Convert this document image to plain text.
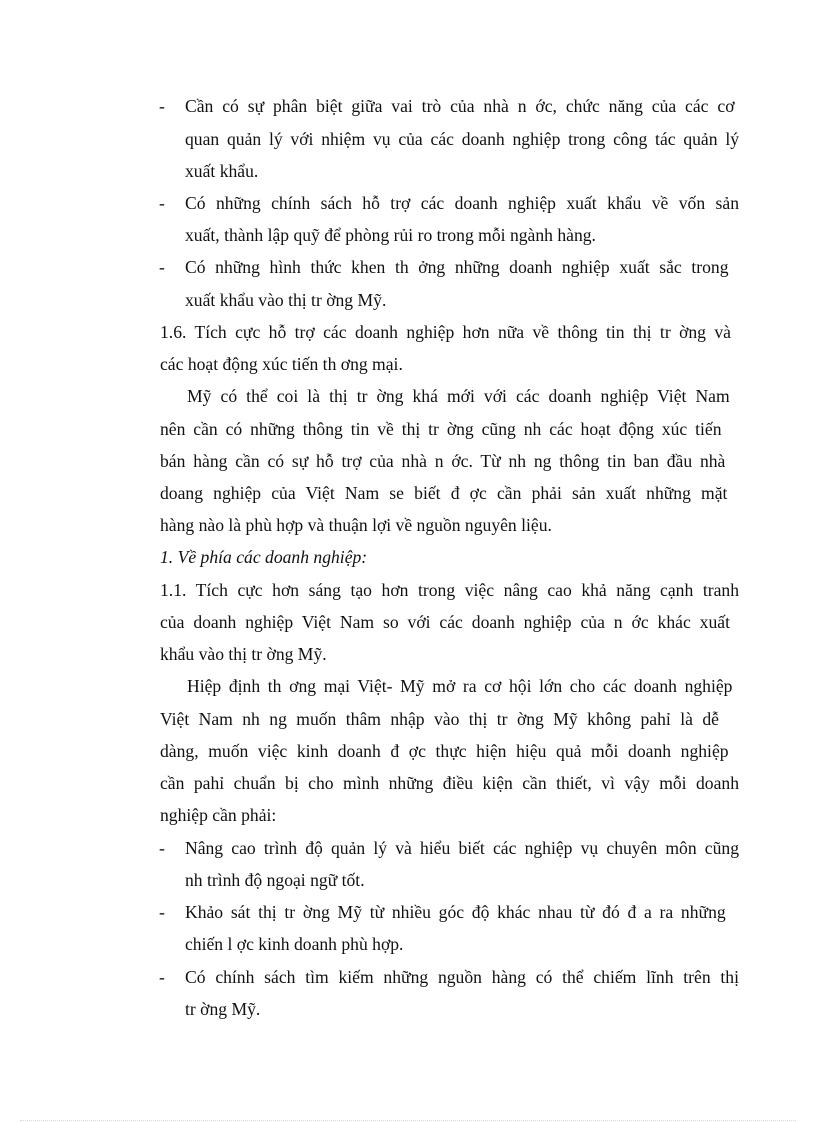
- Cần có sự phân biệt giữa vai trò của nhà n ớc, chức năng của các cơ
quan quản lý với nhiệm vụ của các doanh nghiệp trong công tác quản lý
xuất khẩu.
- Có những chính sách hỗ trợ các doanh nghiệp xuất khẩu về vốn sản
xuất, thành lập quỹ để phòng rủi ro trong mỗi ngành hàng.
- Có những hình thức khen th ởng những doanh nghiệp xuất sắc trong
xuất khẩu vào thị tr ờng Mỹ.
1.6. Tích cực hỗ trợ các doanh nghiệp hơn nữa về thông tin thị tr ờng và
các hoạt động xúc tiến th ơng mại.
Mỹ có thể coi là thị tr ờng khá mới với các doanh nghiệp Việt Nam
nên cần có những thông tin về thị tr ờng cũng nh các hoạt động xúc tiến
bán hàng cần có sự hỗ trợ của nhà n ớc. Từ nh ng thông tin ban đầu nhà
doang nghiệp của Việt Nam se biết đ ợc cần phải sản xuất những mặt
hàng nào là phù hợp và thuận lợi về nguồn nguyên liệu.
1. Về phía các doanh nghiệp:
1.1. Tích cực hơn sáng tạo hơn trong việc nâng cao khả năng cạnh tranh
của doanh nghiệp Việt Nam so với các doanh nghiệp của n ớc khác xuất
khẩu vào thị tr ờng Mỹ.
Hiệp định th ơng mại Việt- Mỹ mở ra cơ hội lớn cho các doanh nghiệp
Việt Nam nh ng muốn thâm nhập vào thị tr ờng Mỹ không pahỉ là dễ
dàng, muốn việc kinh doanh đ ợc thực hiện hiệu quả mỗi doanh nghiệp
cần pahỉ chuẩn bị cho mình những điều kiện cần thiết, vì vậy mỗi doanh
nghiệp cần phải:
- Nâng cao trình độ quản lý và hiểu biết các nghiệp vụ chuyên môn cũng
nh trình độ ngoại ngữ tốt.
- Khảo sát thị tr ờng Mỹ từ nhiều góc độ khác nhau từ đó đ a ra những
chiến l ợc kinh doanh phù hợp.
- Có chính sách tìm kiếm những nguồn hàng có thể chiếm lĩnh trên thị
tr ờng Mỹ.
